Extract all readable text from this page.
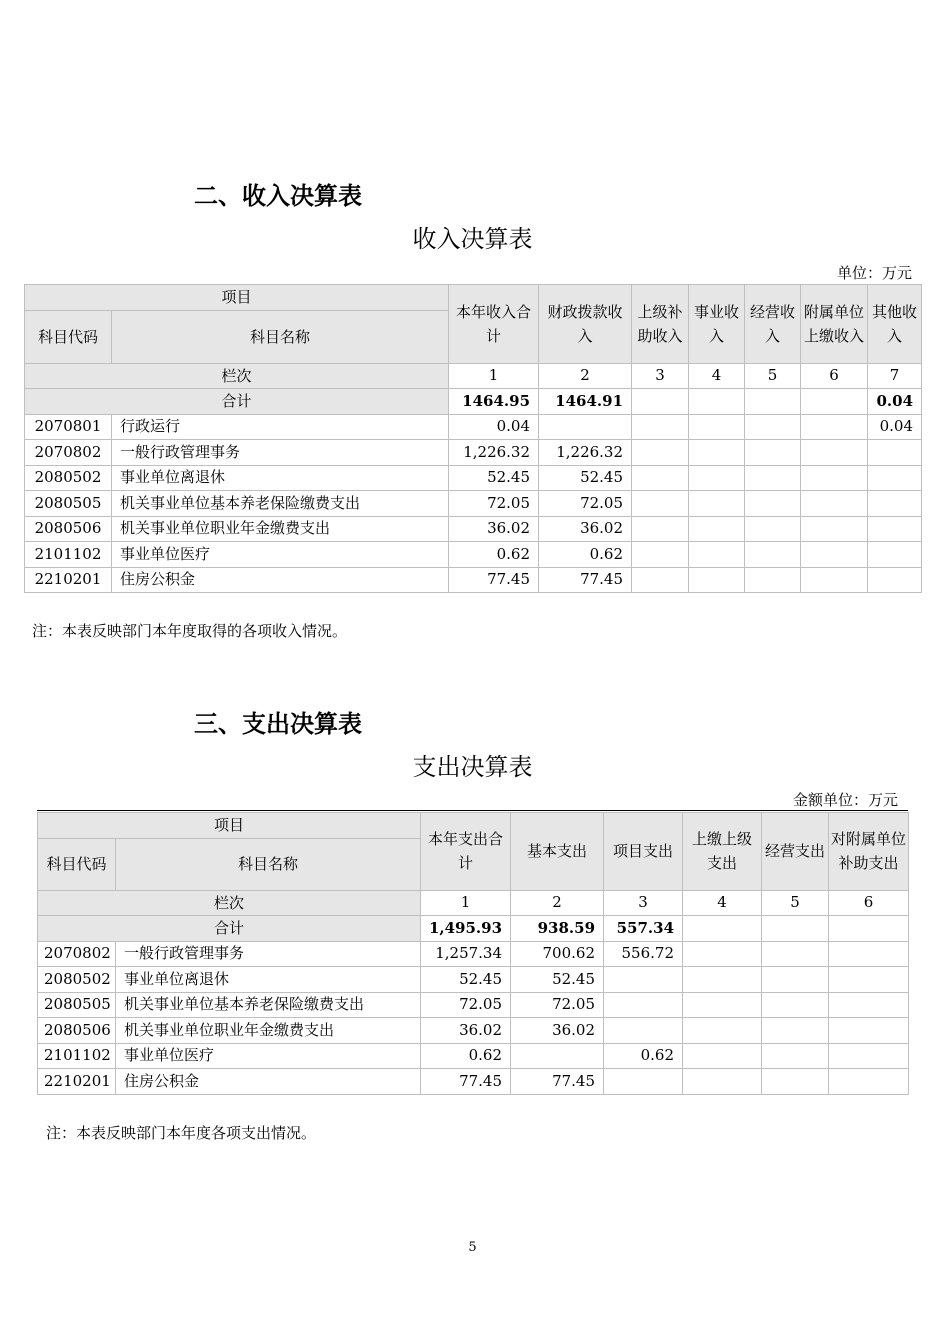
二、收入决算表
收入决算表
单位：万元
项目		本年收入合计	财政拨款收入	上级补助收入	事业收入	经营收入	附属单位上缴收入	其他收入
科目代码	科目名称							

栏次		1	2	3	4	5	6	7
合计		1464.95	1464.91					0.04
2070801	行政运行	0.04						0.04
2070802	一般行政管理事务	1,226.32	1,226.32					
2080502	事业单位离退休	52.45	52.45					
2080505	机关事业单位基本养老保险缴费支出	72.05	72.05					
2080506	机关事业单位职业年金缴费支出	36.02	36.02					
2101102	事业单位医疗	0.62	0.62					
2210201	住房公积金	77.45	77.45					
注：本表反映部门本年度取得的各项收入情况。
三、支出决算表
支出决算表
金额单位：万元
项目		本年支出合计	基本支出	项目支出	上缴上级支出	经营支出	对附属单位补助支出
科目代码	科目名称						

栏次		1	2	3	4	5	6
合计		1,495.93	938.59	557.34			
2070802	一般行政管理事务	1,257.34	700.62	556.72			
2080502	事业单位离退休	52.45	52.45				
2080505	机关事业单位基本养老保险缴费支出	72.05	72.05				
2080506	机关事业单位职业年金缴费支出	36.02	36.02				
2101102	事业单位医疗	0.62		0.62			
2210201	住房公积金	77.45	77.45				
注：本表反映部门本年度各项支出情况。
5
